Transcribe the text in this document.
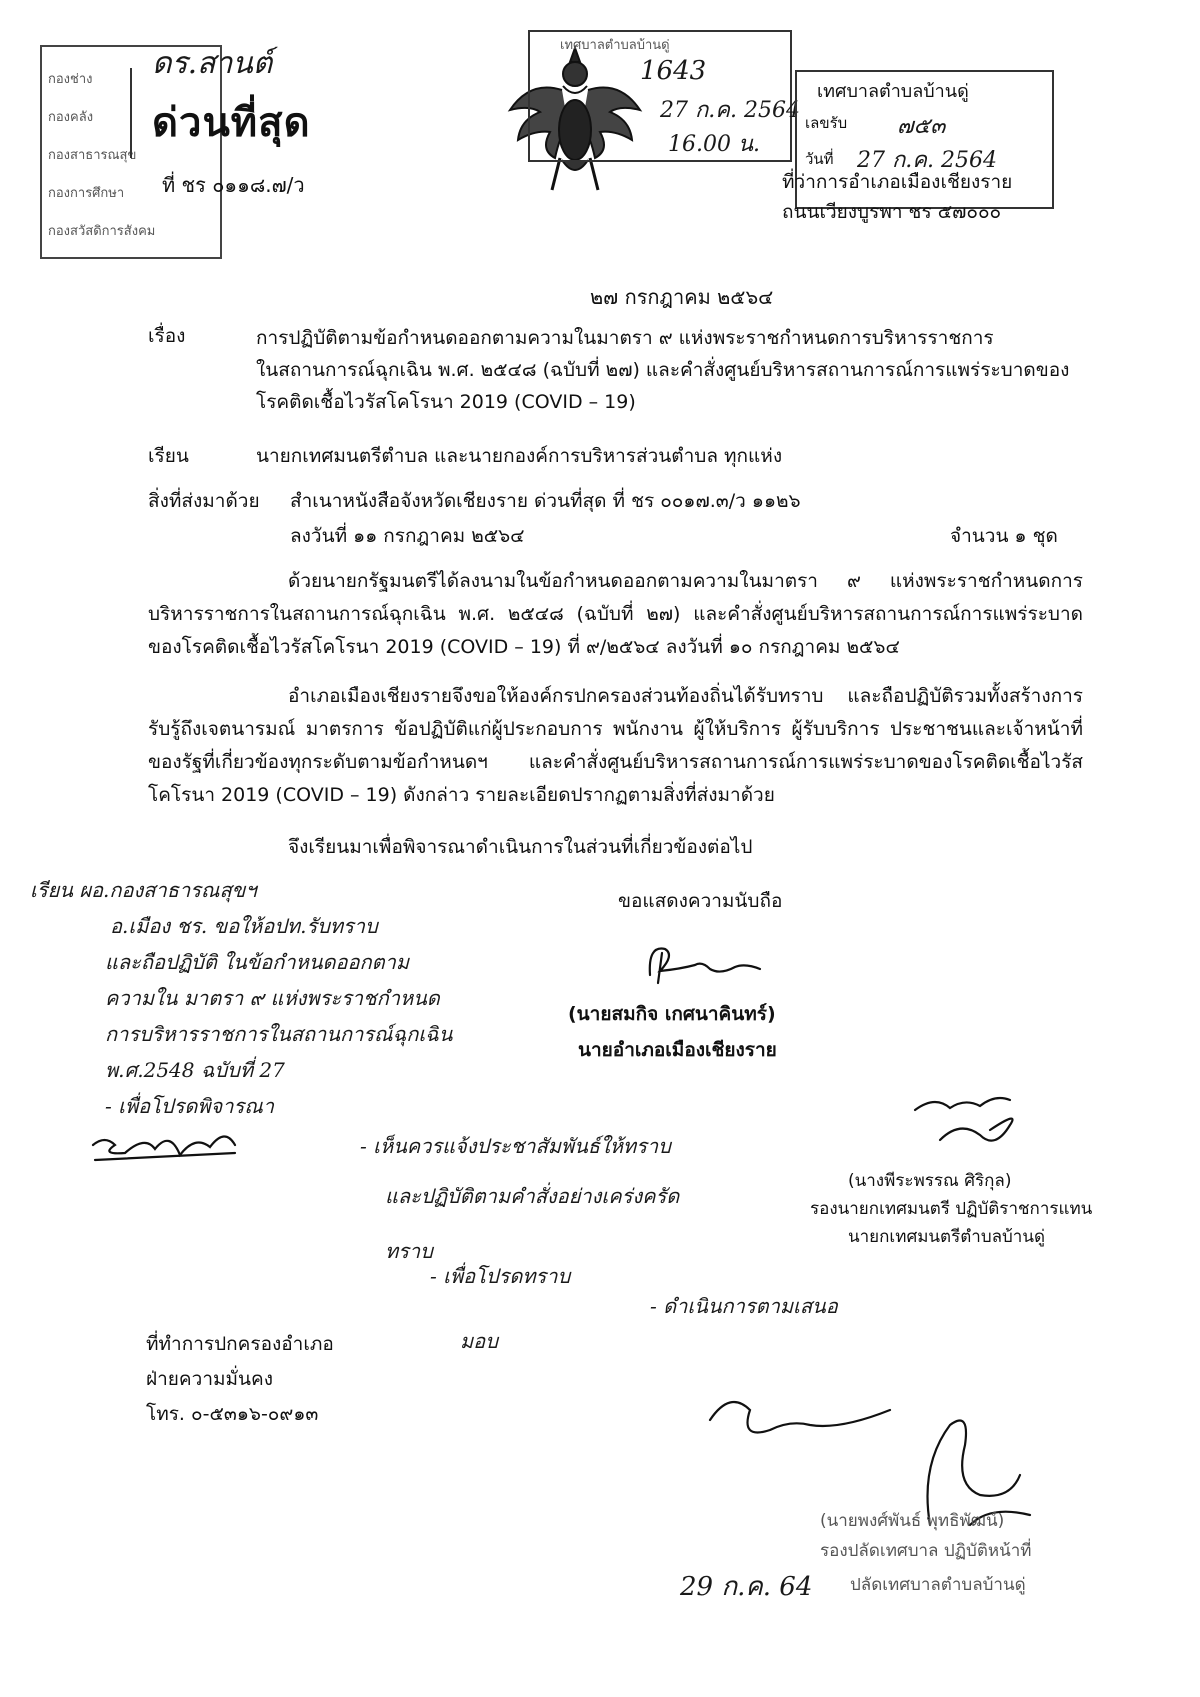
กองช่าง
กองคลัง
กองสาธารณสุข
กองการศึกษา
กองสวัสดิการสังคม
ดร.สานต์
ด่วนที่สุด
ที่ ชร ๐๑๑๘.๗/ว
เทศบาลตำบลบ้านดู่
1643
27 ก.ค. 2564
16.00 น.
เทศบาลตำบลบ้านดู่
เลขรับ ๗๕๓
วันที่ 27 ก.ค. 2564
ที่ว่าการอำเภอเมืองเชียงราย
ถนนเวียงบูรพา ชร ๕๗๐๐๐
๒๗ กรกฎาคม ๒๕๖๔
เรื่อง	การปฏิบัติตามข้อกำหนดออกตามความในมาตรา ๙ แห่งพระราชกำหนดการบริหารราชการ
ในสถานการณ์ฉุกเฉิน พ.ศ. ๒๕๔๘ (ฉบับที่ ๒๗) และคำสั่งศูนย์บริหารสถานการณ์การแพร่ระบาดของ
โรคติดเชื้อไวรัสโคโรนา 2019 (COVID – 19)
เรียน	นายกเทศมนตรีตำบล และนายกองค์การบริหารส่วนตำบล ทุกแห่ง
สิ่งที่ส่งมาด้วย สำเนาหนังสือจังหวัดเชียงราย ด่วนที่สุด ที่ ชร ๐๐๑๗.๓/ว ๑๑๒๖
ลงวันที่ ๑๑ กรกฎาคม ๒๕๖๔	จำนวน ๑ ชุด
ด้วยนายกรัฐมนตรีได้ลงนามในข้อกำหนดออกตามความในมาตรา ๙ แห่งพระราชกำหนดการบริหารราชการในสถานการณ์ฉุกเฉิน พ.ศ. ๒๕๔๘ (ฉบับที่ ๒๗) และคำสั่งศูนย์บริหารสถานการณ์การแพร่ระบาดของโรคติดเชื้อไวรัสโคโรนา 2019 (COVID – 19) ที่ ๙/๒๕๖๔ ลงวันที่ ๑๐ กรกฎาคม ๒๕๖๔
อำเภอเมืองเชียงรายจึงขอให้องค์กรปกครองส่วนท้องถิ่นได้รับทราบ และถือปฏิบัติรวมทั้งสร้างการรับรู้ถึงเจตนารมณ์ มาตรการ ข้อปฏิบัติแก่ผู้ประกอบการ พนักงาน ผู้ให้บริการ ผู้รับบริการ ประชาชนและเจ้าหน้าที่ของรัฐที่เกี่ยวข้องทุกระดับตามข้อกำหนดฯ และคำสั่งศูนย์บริหารสถานการณ์การแพร่ระบาดของโรคติดเชื้อไวรัสโคโรนา 2019 (COVID – 19) ดังกล่าว รายละเอียดปรากฏตามสิ่งที่ส่งมาด้วย
จึงเรียนมาเพื่อพิจารณาดำเนินการในส่วนที่เกี่ยวข้องต่อไป
ขอแสดงความนับถือ
(นายสมกิจ เกศนาคินทร์)
นายอำเภอเมืองเชียงราย
เรียน ผอ.กองสาธารณสุขฯ
อ.เมือง ชร. ขอให้อปท.รับทราบ
และถือปฏิบัติ ในข้อกำหนดออกตาม
ความใน มาตรา ๙ แห่งพระราชกำหนด
การบริหารราชการในสถานการณ์ฉุกเฉิน
พ.ศ.2548 ฉบับที่ 27
- เพื่อโปรดพิจารณา
- เห็นควรแจ้งประชาสัมพันธ์ให้ทราบ
และปฏิบัติตามคำสั่งอย่างเคร่งครัด
ทราบ
- เพื่อโปรดทราบ
- ดำเนินการตามเสนอ
มอบ
(นางพีระพรรณ ศิริกุล)
รองนายกเทศมนตรี ปฏิบัติราชการแทน
นายกเทศมนตรีตำบลบ้านดู่
ที่ทำการปกครองอำเภอ
ฝ่ายความมั่นคง
โทร. ๐-๕๓๑๖-๐๙๑๓
(นายพงศ์พันธ์ พุทธิพัฒน์)
รองปลัดเทศบาล ปฏิบัติหน้าที่
29 ก.ค. 64 ปลัดเทศบาลตำบลบ้านดู่
